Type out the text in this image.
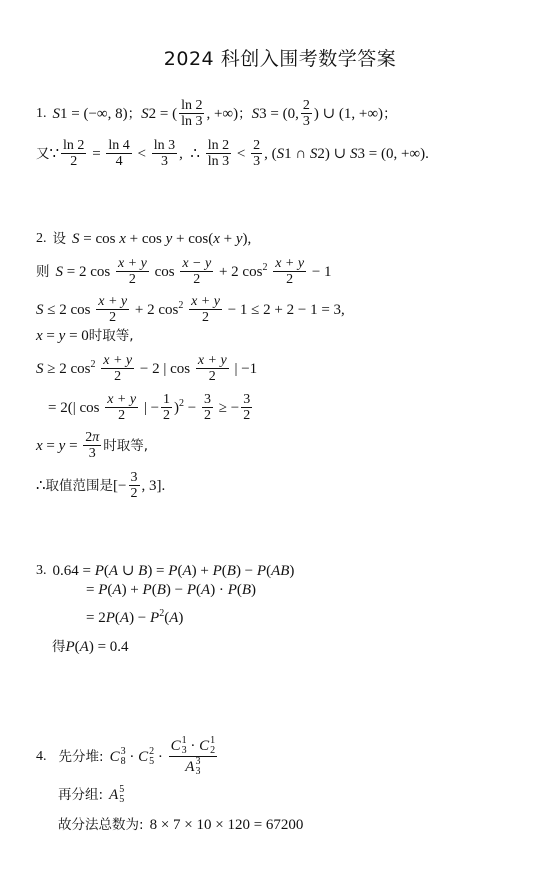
2024 科创入围考数学答案
1. S 1 = (−∞, 8) ； S 2 = ( $\frac{\ln 2}{\ln 3}$ , +∞) ； S 3 = (0, $\frac{2}{3}$ ) ∪ (1, +∞) ；
又 ∵ $\frac{\ln 2}{2} = \frac{\ln 4}{4} < \frac{\ln 3}{3}$ ,  ∴ $\frac{\ln 2}{\ln 3} < \frac{2}{3}$ , ( S 1 ∩ S 2 ) ∪ S 3 = (0, +∞).
2. 设 S = cos x + cos y + cos( x + y ),
则 S = 2 $\cos \frac{x + y}{2}$ $\cos \frac{x - y}{2} + 2$ $\cos^2 \frac{x + y}{2} - 1$
S ≤ 2 $\cos \frac{x + y}{2} + 2$ $\cos^2 \frac{x + y}{2} - 1 \le 2 + 2 - 1 = 3$,
x = y = 0 时取等,
S ≥ 2 $\cos^2 \frac{x + y}{2} - 2$ | $\cos \frac{x + y}{2}$ | −1
= 2(| $\cos \frac{x + y}{2}$ | − $\frac{1}{2} )^2 - \frac{3}{2}$ ≥ − $\frac{3}{2}$
$x = y = \frac{2\pi}{3}$ 时取等,
∴ 取值范围是 [− $\frac{3}{2}$ , 3].
3. 0.64 = P ( A ∪ B ) = P ( A ) + P ( B ) − P ( AB )
= P ( A ) + P ( B ) − P ( A ) · P ( B )
= 2 P ( A ) − P $^2$( A )
得 P ( A ) = 0.4
4. 先分堆: C 3
8 · C 2
5 · C 1
3 · C 1
2
A 3
3
再分组: A 5
5
故分法总数为: 8 × 7 × 10 × 120 = 67200
